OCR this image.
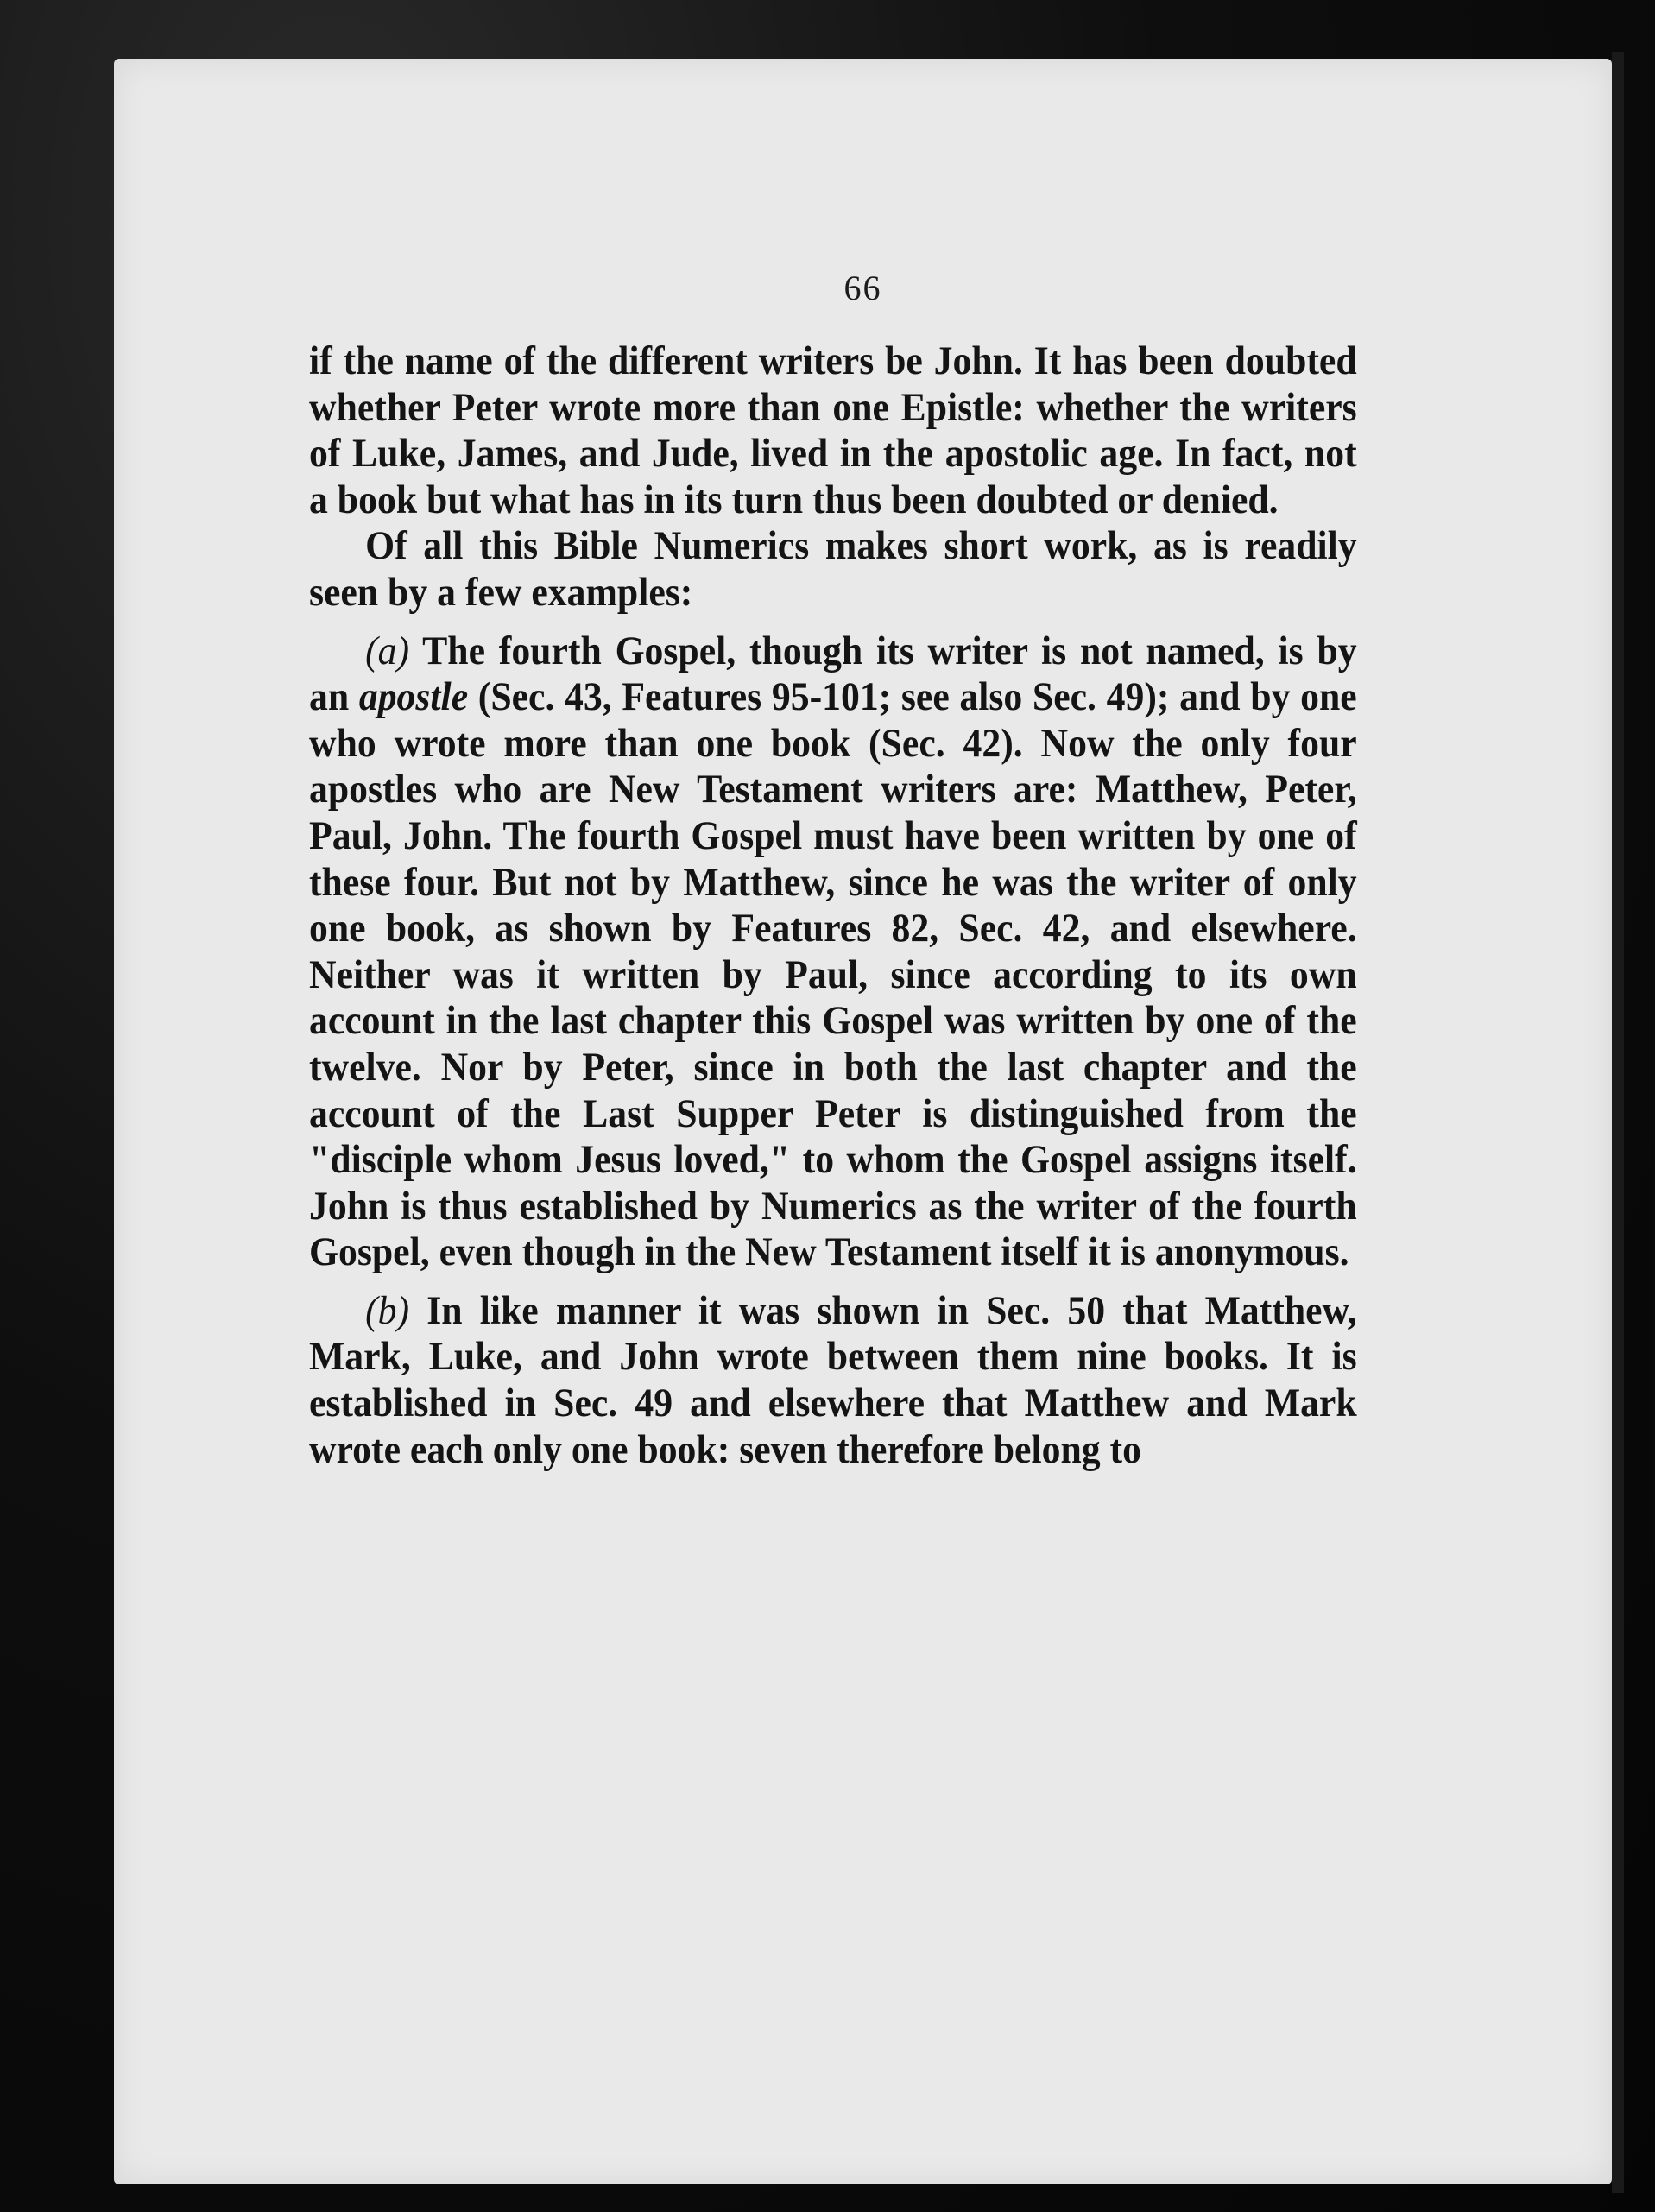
66

if the name of the different writers be John. It has been doubted whether Peter wrote more than one Epistle: whether the writers of Luke, James, and Jude, lived in the apostolic age. In fact, not a book but what has in its turn thus been doubted or denied.

Of all this Bible Numerics makes short work, as is readily seen by a few examples:

(a) The fourth Gospel, though its writer is not named, is by an apostle (Sec. 43, Features 95-101; see also Sec. 49); and by one who wrote more than one book (Sec. 42). Now the only four apostles who are New Testament writers are: Matthew, Peter, Paul, John. The fourth Gospel must have been written by one of these four. But not by Matthew, since he was the writer of only one book, as shown by Features 82, Sec. 42, and elsewhere. Neither was it written by Paul, since according to its own account in the last chapter this Gospel was written by one of the twelve. Nor by Peter, since in both the last chapter and the account of the Last Supper Peter is distinguished from the "disciple whom Jesus loved," to whom the Gospel assigns itself. John is thus established by Numerics as the writer of the fourth Gospel, even though in the New Testament itself it is anonymous.

(b) In like manner it was shown in Sec. 50 that Matthew, Mark, Luke, and John wrote between them nine books. It is established in Sec. 49 and elsewhere that Matthew and Mark wrote each only one book: seven therefore belong to
